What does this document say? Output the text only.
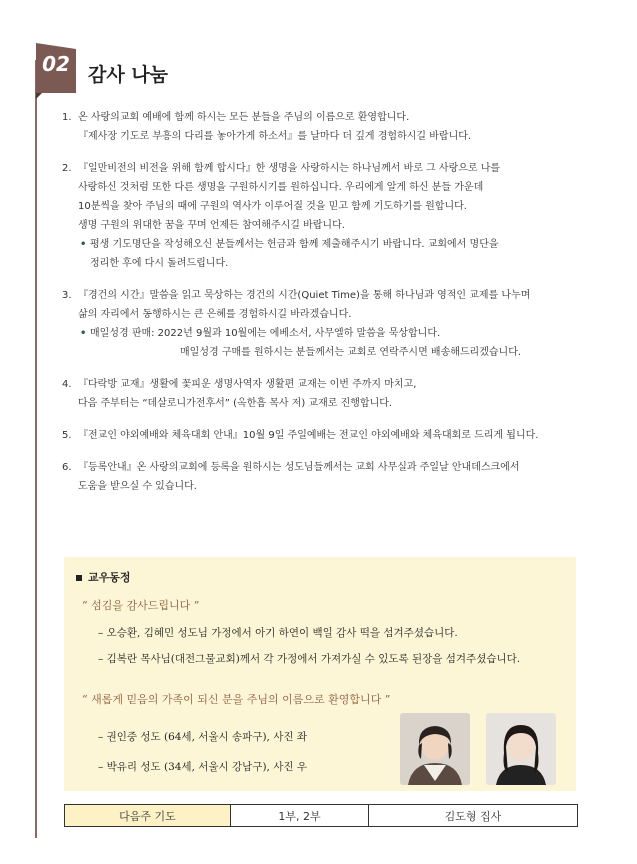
02 감사 나눔
1. 온 사랑의교회 예배에 함께 하시는 모든 분들을 주님의 이름으로 환영합니다.

『제사장 기도로 부흥의 다리를 놓아가게 하소서』를 날마다 더 깊게 경험하시길 바랍니다.

2. 『일만비전의 비전을 위해 함께 합시다』한 생명을 사랑하시는 하나님께서 바로 그 사랑으로 나를

사랑하신 것처럼 또한 다른 생명을 구원하시기를 원하십니다. 우리에게 알게 하신 분들 가운데

10분씩을 찾아 주님의 때에 구원의 역사가 이루어질 것을 믿고 함께 기도하기를 원합니다.

생명 구원의 위대한 꿈을 꾸며 언제든 참여해주시길 바랍니다.

• 평생 기도명단을 작성해오신 분들께서는 헌금과 함께 제출해주시기 바랍니다. 교회에서 명단을

정리한 후에 다시 돌려드립니다.

3. 『경건의 시간』말씀을 읽고 묵상하는 경건의 시간(Quiet Time)을 통해 하나님과 영적인 교제를 나누며

삶의 자리에서 동행하시는 큰 은혜를 경험하시길 바라겠습니다.

• 매일성경 판매: 2022년 9월과 10월에는 에베소서, 사무엘하 말씀을 묵상합니다.

매일성경 구매를 원하시는 분들께서는 교회로 연락주시면 배송해드리겠습니다.

4. 『다락방 교재』생활에 꽃피운 생명사역자 생활편 교재는 이번 주까지 마치고,

다음 주부터는 “데살로니가전후서” (옥한흠 목사 저) 교재로 진행합니다.

5. 『전교인 야외예배와 체육대회 안내』10월 9일 주일예배는 전교인 야외예배와 체육대회로 드리게 됩니다.

6. 『등록안내』온 사랑의교회에 등록을 원하시는 성도님들께서는 교회 사무실과 주일날 안내데스크에서

도움을 받으실 수 있습니다.

교우동정
“ 섬김을 감사드립니다 ”
– 오승환, 김혜민 성도님 가정에서 아기 하연이 백일 감사 떡을 섬겨주셨습니다.
– 김복란 목사님(대전그물교회)께서 각 가정에서 가져가실 수 있도록 된장을 섬겨주셨습니다.
“ 새롭게 믿음의 가족이 되신 분을 주님의 이름으로 환영합니다 ”
– 권인중 성도 (64세, 서울시 송파구), 사진 좌
– 박유리 성도 (34세, 서울시 강남구), 사진 우
다음주 기도	1부, 2부	김도형 집사
